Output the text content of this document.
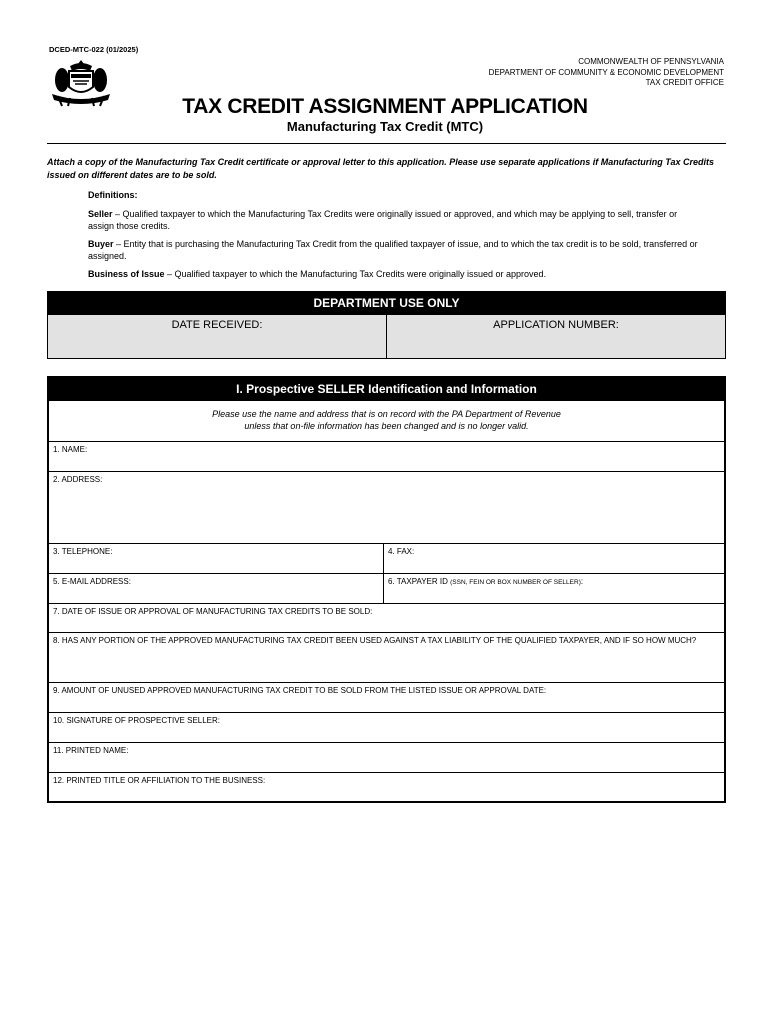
DCED-MTC-022 (01/2025)
COMMONWEALTH OF PENNSYLVANIA
DEPARTMENT OF COMMUNITY & ECONOMIC DEVELOPMENT
TAX CREDIT OFFICE
TAX CREDIT ASSIGNMENT APPLICATION
Manufacturing Tax Credit (MTC)
Attach a copy of the Manufacturing Tax Credit certificate or approval letter to this application. Please use separate applications if Manufacturing Tax Credits issued on different dates are to be sold.
Definitions:

Seller – Qualified taxpayer to which the Manufacturing Tax Credits were originally issued or approved, and which may be applying to sell, transfer or assign those credits.

Buyer – Entity that is purchasing the Manufacturing Tax Credit from the qualified taxpayer of issue, and to which the tax credit is to be sold, transferred or assigned.

Business of Issue – Qualified taxpayer to which the Manufacturing Tax Credits were originally issued or approved.

DEPARTMENT USE ONLY
DATE RECEIVED:	APPLICATION NUMBER:
I. Prospective SELLER Identification and Information
Please use the name and address that is on record with the PA Department of Revenue
unless that on-file information has been changed and is no longer valid.
1. NAME:
2. ADDRESS:
3. TELEPHONE:	4. FAX:
5. E-MAIL ADDRESS:	6. TAXPAYER ID (SSN, FEIN OR BOX NUMBER OF SELLER):
7. DATE OF ISSUE OR APPROVAL OF MANUFACTURING TAX CREDITS TO BE SOLD:
8. HAS ANY PORTION OF THE APPROVED MANUFACTURING TAX CREDIT BEEN USED AGAINST A TAX LIABILITY OF THE QUALIFIED TAXPAYER, AND IF SO HOW MUCH?
9. AMOUNT OF UNUSED APPROVED MANUFACTURING TAX CREDIT TO BE SOLD FROM THE LISTED ISSUE OR APPROVAL DATE:
10. SIGNATURE OF PROSPECTIVE SELLER:
11. PRINTED NAME:
12. PRINTED TITLE OR AFFILIATION TO THE BUSINESS:
